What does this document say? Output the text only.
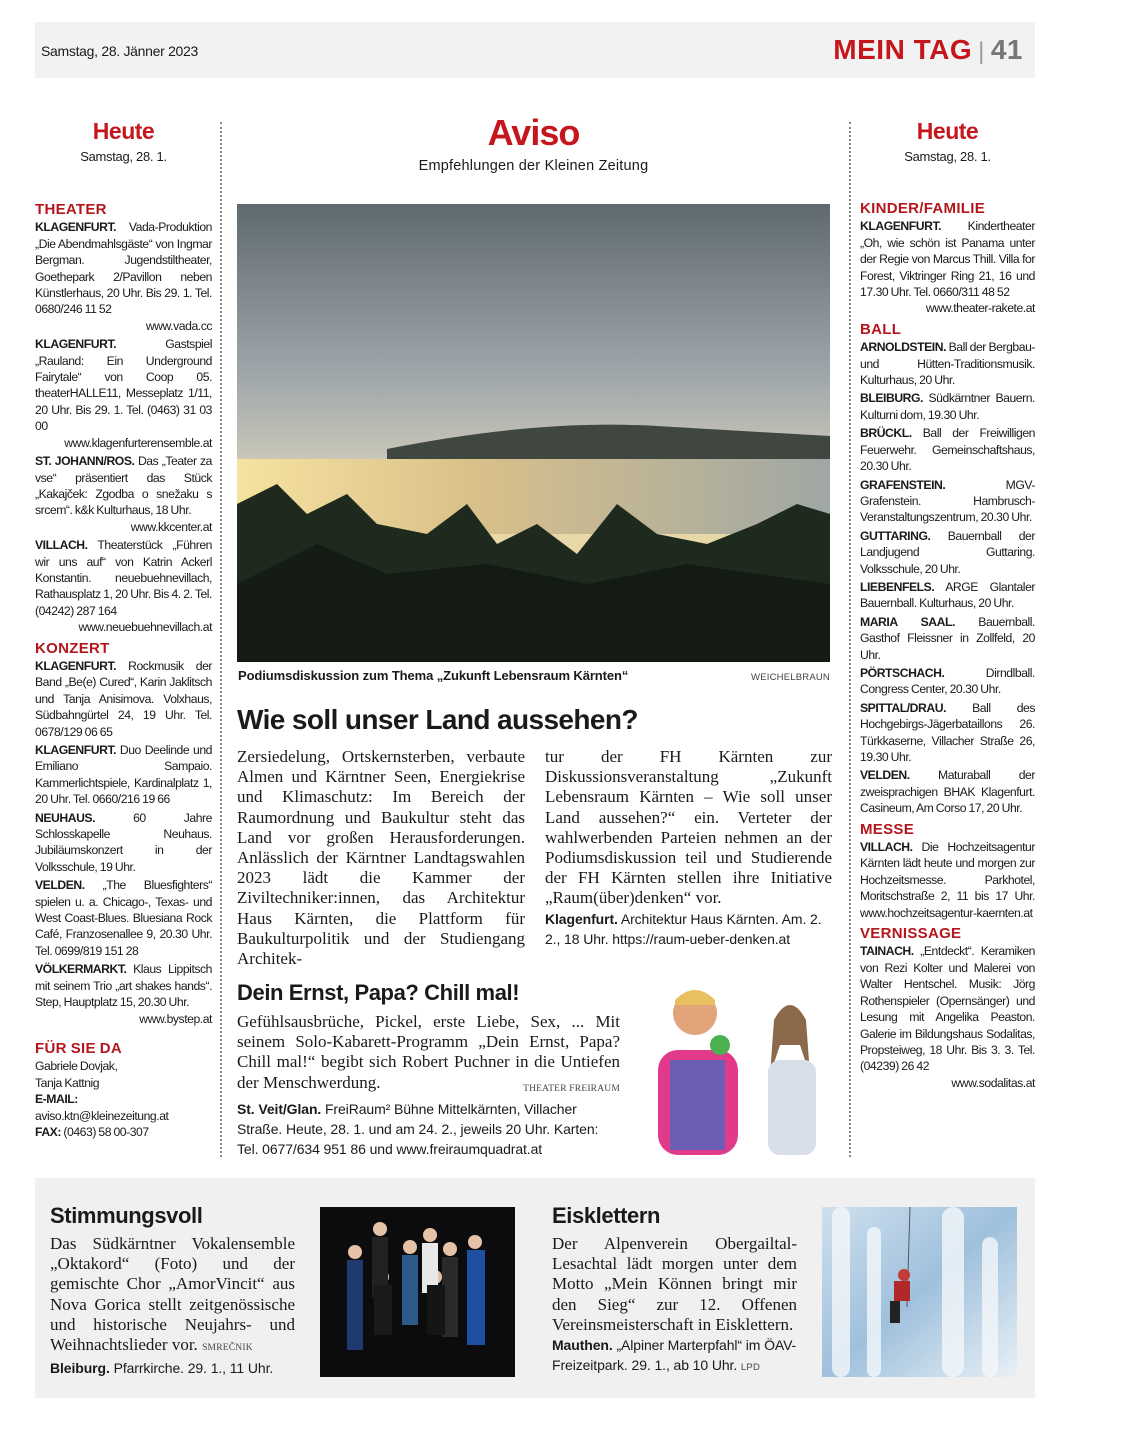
Samstag, 28. Jänner 2023	MEIN TAG | 41
Heute
Samstag, 28. 1.
Heute
Samstag, 28. 1.
Aviso
Empfehlungen der Kleinen Zeitung
THEATER
KLAGENFURT. Vada-Produktion „Die Abendmahlsgäste“ von Ingmar Bergman. Jugendstiltheater, Goethepark 2/Pavillon neben Künstlerhaus, 20 Uhr. Bis 29. 1. Tel. 0680/246 11 52
www.vada.cc
KLAGENFURT.	Gastspiel „Rauland: Ein Underground Fairytale“ von Coop 05. theaterHALLE11, Messeplatz 1/11, 20 Uhr. Bis 29. 1. Tel. (0463) 31 03 00
www.klagenfurterensemble.at
ST. JOHANN/ROS. Das „Teater za vse“ präsentiert das Stück „Kakajček: Zgodba o snežaku s srcem“. k&k Kulturhaus, 18 Uhr.
www.kkcenter.at
VILLACH. Theaterstück „Führen wir uns auf“ von Katrin Ackerl Konstantin. neuebuehnevillach, Rathausplatz 1, 20 Uhr. Bis 4. 2. Tel. (04242) 287 164
www.neuebuehnevillach.at
KONZERT
KLAGENFURT. Rockmusik der Band „Be(e) Cured“, Karin Jaklitsch und Tanja Anisimova. Volxhaus, Südbahngürtel 24, 19 Uhr. Tel. 0678/129 06 65
KLAGENFURT. Duo Deelinde und Emiliano Sampaio. Kammerlichtspiele, Kardinalplatz 1, 20 Uhr. Tel. 0660/216 19 66
NEUHAUS.	60 Jahre Schlosskapelle Neuhaus. Jubiläumskonzert in der Volksschule, 19 Uhr.
VELDEN. „The Bluesfighters“ spielen u. a. Chicago-, Texas- und West Coast-Blues. Bluesiana Rock Café, Franzosenallee 9, 20.30 Uhr. Tel. 0699/819 151 28
VÖLKERMARKT. Klaus Lippitsch mit seinem Trio „art shakes hands“. Step, Hauptplatz 15, 20.30 Uhr.
www.bystep.at
FÜR SIE DA
Gabriele Dovjak, Tanja Kattnig
E-MAIL:
aviso.ktn@kleinezeitung.at
FAX: (0463) 58 00-307
KINDER/FAMILIE
KLAGENFURT. Kindertheater „Oh, wie schön ist Panama unter der Regie von Marcus Thill. Villa for Forest, Viktringer Ring 21, 16 und 17.30 Uhr. Tel. 0660/311 48 52
www.theater-rakete.at
BALL
ARNOLDSTEIN. Ball der Bergbau- und Hütten-Traditionsmusik. Kulturhaus, 20 Uhr.
BLEIBURG. Südkärntner Bauern. Kulturni dom, 19.30 Uhr.
BRÜCKL. Ball der Freiwilligen Feuerwehr. Gemeinschaftshaus, 20.30 Uhr.
GRAFENSTEIN.	MGV-Grafenstein. Hambrusch-Veranstaltungszentrum, 20.30 Uhr.
GUTTARING. Bauernball der Landjugend Guttaring. Volksschule, 20 Uhr.
LIEBENFELS. ARGE Glantaler Bauernball. Kulturhaus, 20 Uhr.
MARIA SAAL. Bauernball. Gasthof Fleissner in Zollfeld, 20 Uhr.
PÖRTSCHACH.	Dirndlball. Congress Center, 20.30 Uhr.
SPITTAL/DRAU. Ball des Hochgebirgs-Jägerbataillons 26. Türkkaserne, Villacher Straße 26, 19.30 Uhr.
VELDEN. Maturaball der zweisprachigen BHAK Klagenfurt. Casineum, Am Corso 17, 20 Uhr.
MESSE
VILLACH. Die Hochzeitsagentur Kärnten lädt heute und morgen zur Hochzeitsmesse. Parkhotel, Moritschstraße 2, 11 bis 17 Uhr. www.hochzeitsagentur-kaernten.at
VERNISSAGE
TAINACH. „Entdeckt“. Keramiken von Rezi Kolter und Malerei von Walter Hentschel. Musik: Jörg Rothenspieler (Opernsänger) und Lesung mit Angelika Peaston. Galerie im Bildungshaus Sodalitas, Propsteiweg, 18 Uhr. Bis 3. 3. Tel. (04239) 26 42
www.sodalitas.at
Podiumsdiskussion zum Thema „Zukunft Lebensraum Kärnten“	WEICHELBRAUN
Wie soll unser Land aussehen?
Zersiedelung, Ortskernsterben, verbaute Almen und Kärntner Seen, Energiekrise und Klimaschutz: Im Bereich der Raumordnung und Baukultur steht das Land vor großen Herausforderungen. Anlässlich der Kärntner Landtagswahlen 2023 lädt die Kammer der Ziviltechniker:innen, das Architektur Haus Kärnten, die Plattform für Baukulturpolitik und der Studiengang Architek-
tur der FH Kärnten zur Diskussionsveranstaltung „Zukunft Lebensraum Kärnten – Wie soll unser Land aussehen?“ ein. Verteter der wahlwerbenden Parteien nehmen an der Podiumsdiskussion teil und Studierende der FH Kärnten stellen ihre Initiative „Raum(über)denken“ vor.
Klagenfurt. Architektur Haus Kärnten. Am. 2. 2., 18 Uhr. https://raum-ueber-denken.at
Dein Ernst, Papa? Chill mal!
Gefühlsausbrüche, Pickel, erste Liebe, Sex, ... Mit seinem Solo-Kabarett-Programm „Dein Ernst, Papa? Chill mal!“ begibt sich Robert Puchner in die Untiefen der Menschwerdung.	THEATER FREIRAUM
St. Veit/Glan. FreiRaum² Bühne Mittelkärnten, Villacher Straße. Heute, 28. 1. und am 24. 2., jeweils 20 Uhr. Karten: Tel. 0677/634 951 86 und www.freiraumquadrat.at
Stimmungsvoll
Das Südkärntner Vokalensemble „Oktakord“ (Foto) und der gemischte Chor „AmorVincit“ aus Nova Gorica stellt zeitgenössische und historische Neujahrs- und Weihnachtslieder vor. SMREČNIK
Bleiburg. Pfarrkirche. 29. 1., 11 Uhr.
Eisklettern
Der Alpenverein Obergailtal-Lesachtal lädt morgen unter dem Motto „Mein Können bringt mir den Sieg“ zur 12. Offenen Vereinsmeisterschaft in Eisklettern.
Mauthen. „Alpiner Marterpfahl“ im ÖAV-Freizeitpark. 29. 1., ab 10 Uhr. LPD
